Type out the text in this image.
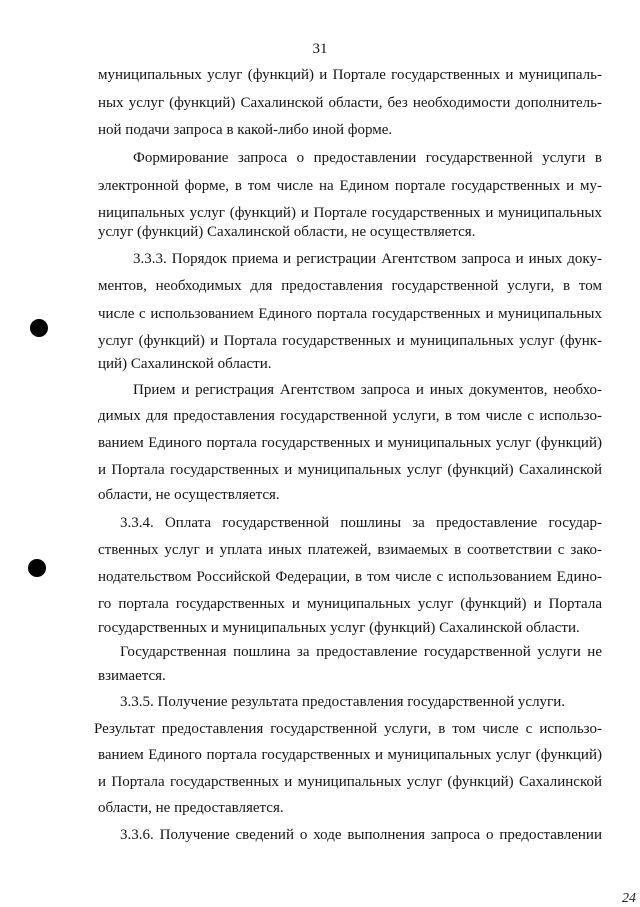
31
муниципальных услуг (функций) и Портале государственных и муниципаль-
ных услуг (функций) Сахалинской области, без необходимости дополнитель-
ной подачи запроса в какой-либо иной форме.
Формирование запроса о предоставлении государственной услуги в
электронной форме, в том числе на Едином портале государственных и му-
ниципальных услуг (функций) и Портале государственных и муниципальных
услуг (функций) Сахалинской области, не осуществляется.
3.3.3. Порядок приема и регистрации Агентством запроса и иных доку-
ментов, необходимых для предоставления государственной услуги, в том
числе с использованием Единого портала государственных и муниципальных
услуг (функций) и Портала государственных и муниципальных услуг (функ-
ций) Сахалинской области.
Прием и регистрация Агентством запроса и иных документов, необхо-
димых для предоставления государственной услуги, в том числе с использо-
ванием Единого портала государственных и муниципальных услуг (функций)
и Портала государственных и муниципальных услуг (функций) Сахалинской
области, не осуществляется.
3.3.4. Оплата государственной пошлины за предоставление государ-
ственных услуг и уплата иных платежей, взимаемых в соответствии с зако-
нодательством Российской Федерации, в том числе с использованием Едино-
го портала государственных и муниципальных услуг (функций) и Портала
государственных и муниципальных услуг (функций) Сахалинской области.
Государственная пошлина за предоставление государственной услуги не
взимается.
3.3.5. Получение результата предоставления государственной услуги.
Результат предоставления государственной услуги, в том числе с использо-
ванием Единого портала государственных и муниципальных услуг (функций)
и Портала государственных и муниципальных услуг (функций) Сахалинской
области, не предоставляется.
3.3.6. Получение сведений о ходе выполнения запроса о предоставлении
24
